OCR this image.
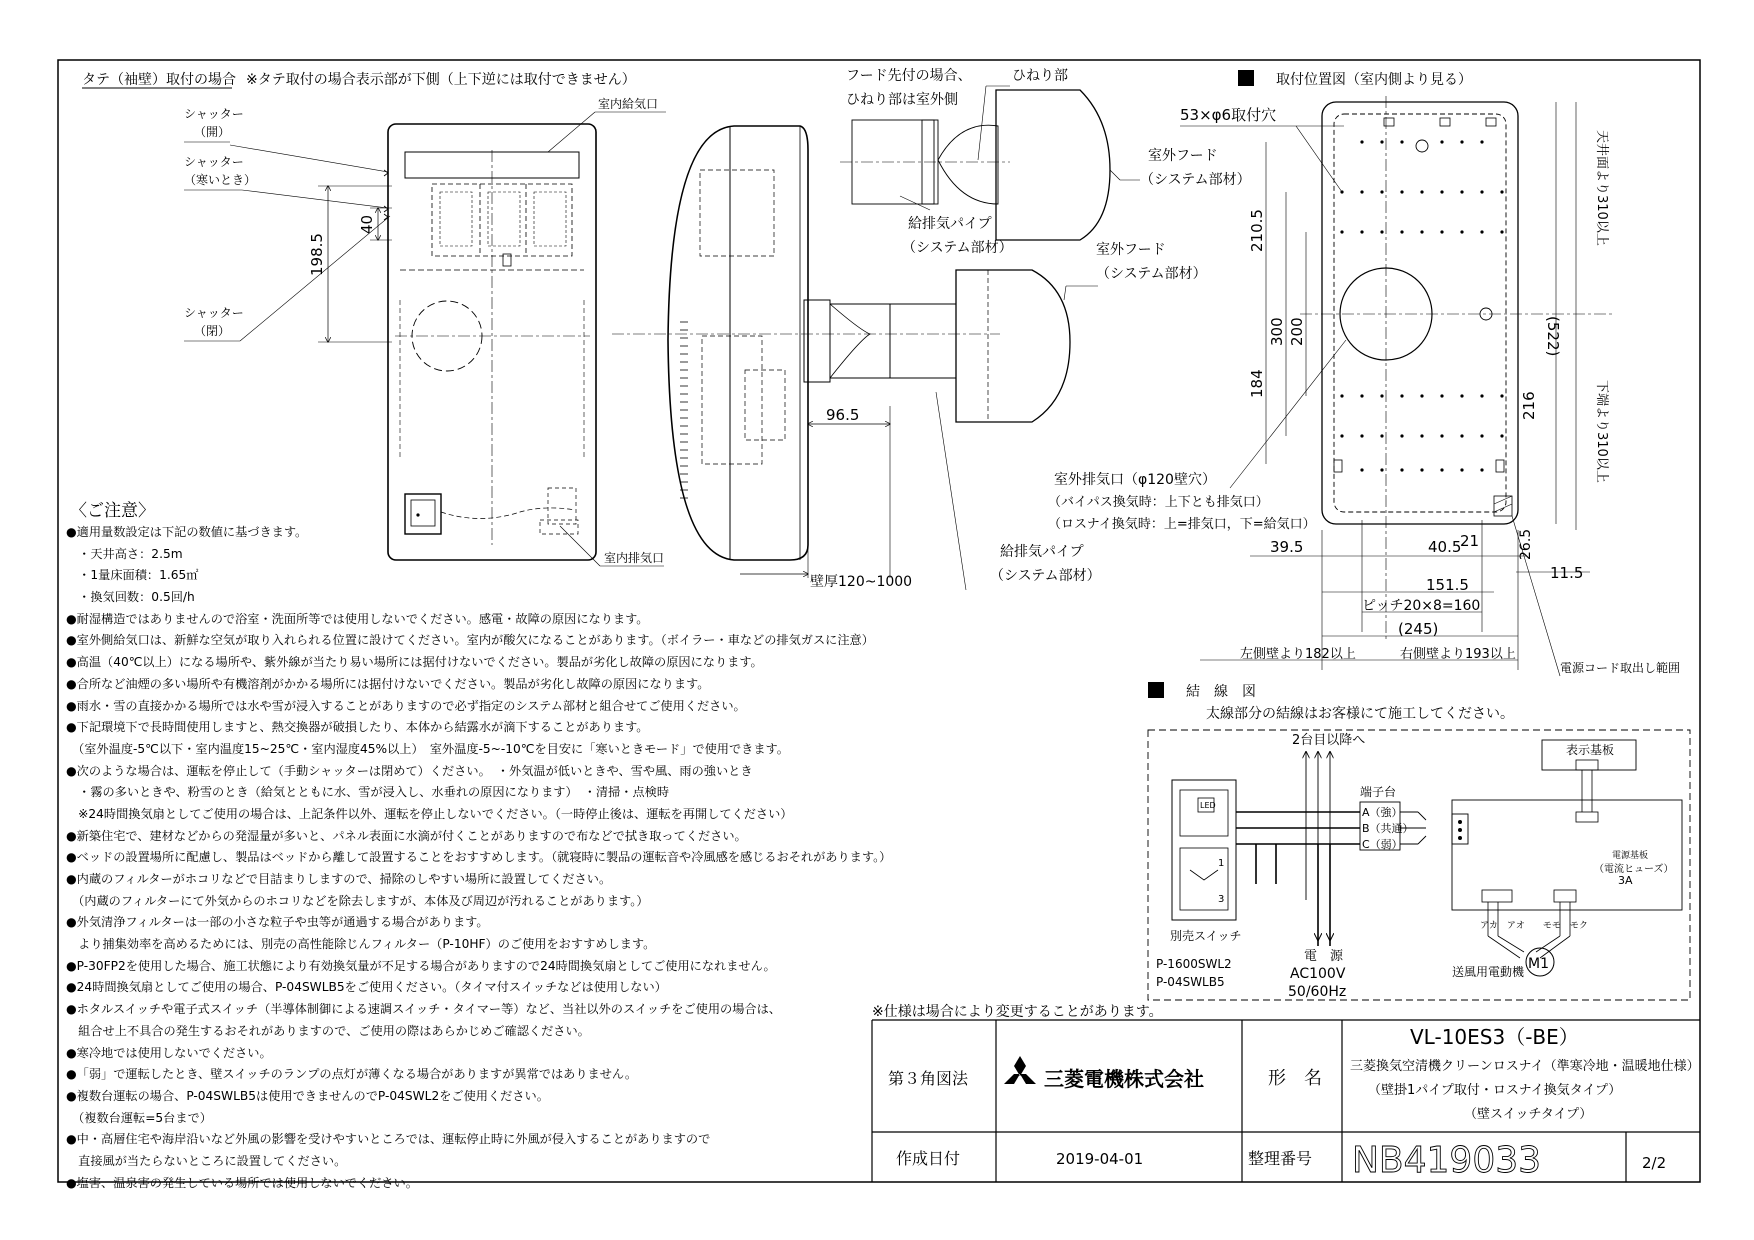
タテ（袖壁）取付の場合 ※タテ取付の場合表示部が下側（上下逆には取付できません）
198.5
40
シャッター（開）
シャッター（寒いとき）
シャッター（閉）
室内給気口
室内排気口
96.5
壁厚120~1000
給排気パイプ（システム部材）
室外フード（システム部材）
フード先付の場合、ひねり部は室外側
ひねり部
室外フード（システム部材）
給排気パイプ（システム部材）
取付位置図（室内側より見る）
210.5
300 200
184
(522)
216
天井面より310以上
下端より310以上
53×φ6取付穴
39.5	40.5
21	26.5
11.5
151.5
ピッチ20×8=160
(245)
左側壁より182以上	右側壁より193以上
電源コード取出し範囲
室外排気口（φ120壁穴）
（バイパス換気時：上下とも排気口）
（ロスナイ換気時：上=排気口，下=給気口）
結　線　図
太線部分の結線はお客様にて施工してください。
2台目以降へ
LED
1
3
別売スイッチ
P-1600SWL2
P-04SWLB5
電　源
AC100V
50/60Hz
端子台
A（強）
B（共通）
C（弱）
表示基板
電源基板
（電流ヒューズ）
3A
アカ　アオ　　モモ　モク
M1
送風用電動機
※仕様は場合により変更することがあります。
第３角図法	三菱電機株式会社	形　名
VL-10ES3（-BE）
三菱換気空清機クリーンロスナイ（準寒冷地・温暖地仕様）
（壁掛1パイプ取付・ロスナイ換気タイプ）
（壁スイッチタイプ）
作成日付	2019-04-01	整理番号 NB419033	2/2
〈ご注意〉
●適用量数設定は下記の数値に基づきます。
　・天井高さ：2.5m
　・1量床面積：1.65㎡
　・換気回数：0.5回/h
●耐湿構造ではありませんので浴室・洗面所等では使用しないでください。感電・故障の原因になります。
●室外側給気口は、新鮮な空気が取り入れられる位置に設けてください。室内が酸欠になることがあります。（ボイラー・車などの排気ガスに注意）
●高温（40℃以上）になる場所や、紫外線が当たり易い場所には据付けないでください。製品が劣化し故障の原因になります。
●合所など油煙の多い場所や有機溶剤がかかる場所には据付けないでください。製品が劣化し故障の原因になります。
●雨水・雪の直接かかる場所では水や雪が浸入することがありますので必ず指定のシステム部材と組合せてご使用ください。
●下記環境下で長時間使用しますと、熱交換器が破損したり、本体から結露水が滴下することがあります。
　（室外温度-5℃以下・室内温度15~25℃・室内湿度45%以上）　室外温度-5~-10℃を目安に「寒いときモード」で使用できます。
●次のような場合は、運転を停止して（手動シャッターは閉めて）ください。　・外気温が低いときや、雪や風、雨の強いとき
　・霧の多いときや、粉雪のとき（給気とともに水、雪が浸入し、水垂れの原因になります）　・清掃・点検時
　※24時間換気扇としてご使用の場合は、上記条件以外、運転を停止しないでください。（一時停止後は、運転を再開してください）
●新築住宅で、建材などからの発湿量が多いと、パネル表面に水滴が付くことがありますので布などで拭き取ってください。
●ベッドの設置場所に配慮し、製品はベッドから離して設置することをおすすめします。（就寝時に製品の運転音や冷風感を感じるおそれがあります。）
●内蔵のフィルターがホコリなどで目詰まりしますので、掃除のしやすい場所に設置してください。
　（内蔵のフィルターにて外気からのホコリなどを除去しますが、本体及び周辺が汚れることがあります。）
●外気清浄フィルターは一部の小さな粒子や虫等が通過する場合があります。
　より捕集効率を高めるためには、別売の高性能除じんフィルター（P-10HF）のご使用をおすすめします。
●P-30FP2を使用した場合、施工状態により有効換気量が不足する場合がありますので24時間換気扇としてご使用になれません。
●24時間換気扇としてご使用の場合、P-04SWLB5をご使用ください。（タイマ付スイッチなどは使用しない）
●ホタルスイッチや電子式スイッチ（半導体制御による速調スイッチ・タイマー等）など、当社以外のスイッチをご使用の場合は、
　組合せ上不具合の発生するおそれがありますので、ご使用の際はあらかじめご確認ください。
●寒冷地では使用しないでください。
●「弱」で運転したとき、壁スイッチのランプの点灯が薄くなる場合がありますが異常ではありません。
●複数台運転の場合、P-04SWLB5は使用できませんのでP-04SWL2をご使用ください。
　（複数台運転=5台まで）
●中・高層住宅や海岸沿いなど外風の影響を受けやすいところでは、運転停止時に外風が侵入することがありますので
　直接風が当たらないところに設置してください。
●塩害、温泉害の発生している場所では使用しないでください。
